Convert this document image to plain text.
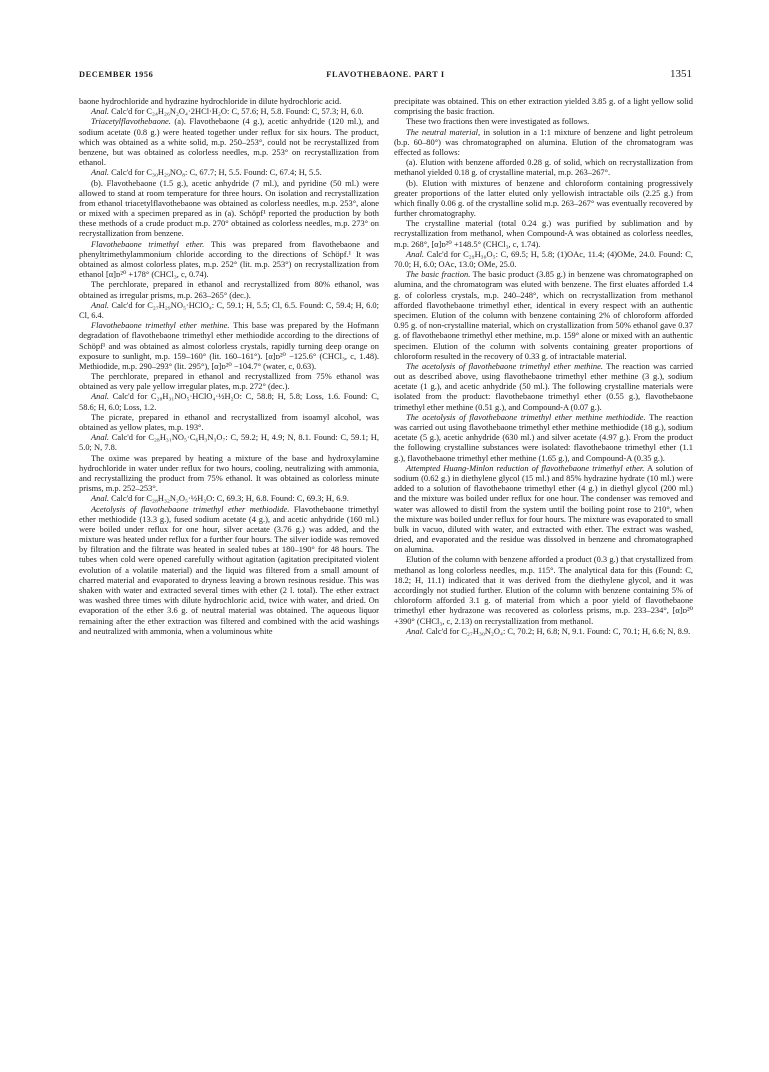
DECEMBER 1956	FLAVOTHEBAONE. PART I	1351

baone hydrochloride and hydrazine hydrochloride in dilute hydrochloric acid.

Anal. Calc'd for C₂₄H₂₆N₂O₄·2HCl·H₂O: C, 57.6; H, 5.8. Found: C, 57.3; H, 6.0.

Triacetylflavothebaone. (a). Flavothebaone (4 g.), acetic anhydride (120 ml.), and sodium acetate (0.8 g.) were heated together under reflux for six hours. The product, which was obtained as a white solid, m.p. 250–253°, could not be recrystallized from benzene, but was obtained as colorless needles, m.p. 253° on recrystallization from ethanol.

Anal. Calc'd for C₃₀H₂₉NO₈: C, 67.7; H, 5.5. Found: C, 67.4; H, 5.5.

(b). Flavothebaone (1.5 g.), acetic anhydride (7 ml.), and pyridine (50 ml.) were allowed to stand at room temperature for three hours. On isolation and recrystallization from ethanol triacetylflavothebaone was obtained as colorless needles, m.p. 253°, alone or mixed with a specimen prepared as in (a). Schöpf¹ reported the production by both these methods of a crude product m.p. 270° obtained as colorless needles, m.p. 273° on recrystallization from benzene.

Flavothebaone trimethyl ether. This was prepared from flavothebaone and phenyltrimethylammonium chloride according to the directions of Schöpf.¹ It was obtained as almost colorless plates, m.p. 252° (lit. m.p. 253°) on recrystallization from ethanol [α]ᴅ²⁰ +178° (CHCl₃, c, 0.74).

The perchlorate, prepared in ethanol and recrystallized from 80% ethanol, was obtained as irregular prisms, m.p. 263–265° (dec.).

Anal. Calc'd for C₂₇H₂₉NO₅·HClO₄: C, 59.1; H, 5.5; Cl, 6.5. Found: C, 59.4; H, 6.0; Cl, 6.4.

Flavothebaone trimethyl ether methine. This base was prepared by the Hofmann degradation of flavothebaone trimethyl ether methiodide according to the directions of Schöpf¹ and was obtained as almost colorless crystals, rapidly turning deep orange on exposure to sunlight, m.p. 159–160° (lit. 160–161°). [α]ᴅ²⁰ −125.6° (CHCl₃, c, 1.48). Methiodide, m.p. 290–293° (lit. 295°), [α]ᴅ²⁰ −104.7° (water, c, 0.63).

The perchlorate, prepared in ethanol and recrystallized from 75% ethanol was obtained as very pale yellow irregular plates, m.p. 272° (dec.).

Anal. Calc'd for C₂₈H₃₁NO₅·HClO₄·½H₂O: C, 58.8; H, 5.8; Loss, 1.6. Found: C, 58.6; H, 6.0; Loss, 1.2.

The picrate, prepared in ethanol and recrystallized from isoamyl alcohol, was obtained as yellow plates, m.p. 193°.

Anal. Calc'd for C₂₈H₃₁NO₅·C₆H₃N₃O₇: C, 59.2; H, 4.9; N, 8.1. Found: C, 59.1; H, 5.0; N, 7.8.

The oxime was prepared by heating a mixture of the base and hydroxylamine hydrochloride in water under reflux for two hours, cooling, neutralizing with ammonia, and recrystallizing the product from 75% ethanol. It was obtained as colorless minute prisms, m.p. 252–253°.

Anal. Calc'd for C₂₈H₃₂N₂O₅·½H₂O: C, 69.3; H, 6.8. Found: C, 69.3; H, 6.9.

Acetolysis of flavothebaone trimethyl ether methiodide. Flavothebaone trimethyl ether methiodide (13.3 g.), fused sodium acetate (4 g.), and acetic anhydride (160 ml.) were boiled under reflux for one hour, silver acetate (3.76 g.) was added, and the mixture was heated under reflux for a further four hours. The silver iodide was removed by filtration and the filtrate was heated in sealed tubes at 180–190° for 48 hours. The tubes when cold were opened carefully without agitation (agitation precipitated violent evolution of a volatile material) and the liquid was filtered from a small amount of charred material and evaporated to dryness leaving a brown resinous residue. This was shaken with water and extracted several times with ether (2 l. total). The ether extract was washed three times with dilute hydrochloric acid, twice with water, and dried. On evaporation of the ether 3.6 g. of neutral material was obtained. The aqueous liquor remaining after the ether extraction was filtered and combined with the acid washings and neutralized with ammonia, when a voluminous white

precipitate was obtained. This on ether extraction yielded 3.85 g. of a light yellow solid comprising the basic fraction.

These two fractions then were investigated as follows.

The neutral material, in solution in a 1:1 mixture of benzene and light petroleum (b.p. 60–80°) was chromatographed on alumina. Elution of the chromatogram was effected as follows:

(a). Elution with benzene afforded 0.28 g. of solid, which on recrystallization from methanol yielded 0.18 g. of crystalline material, m.p. 263–267°.

(b). Elution with mixtures of benzene and chloroform containing progressively greater proportions of the latter eluted only yellowish intractable oils (2.25 g.) from which finally 0.06 g. of the crystalline solid m.p. 263–267° was eventually recovered by further chromatography.

The crystalline material (total 0.24 g.) was purified by sublimation and by recrystallization from methanol, when Compound-A was obtained as colorless needles, m.p. 268°, [α]ᴅ²⁰ +148.5° (CHCl₃, c, 1.74).

Anal. Calc'd for C₂₉H₃₀O₅: C, 69.5; H, 5.8; (1)OAc, 11.4; (4)OMe, 24.0. Found: C, 70.0; H, 6.0; OAc, 13.0; OMe, 25.0.

The basic fraction. The basic product (3.85 g.) in benzene was chromatographed on alumina, and the chromatogram was eluted with benzene. The first eluates afforded 1.4 g. of colorless crystals, m.p. 240–248°, which on recrystallization from methanol afforded flavothebaone trimethyl ether, identical in every respect with an authentic specimen. Elution of the column with benzene containing 2% of chloroform afforded 0.95 g. of non-crystalline material, which on crystallization from 50% ethanol gave 0.37 g. of flavothebaone trimethyl ether methine, m.p. 159° alone or mixed with an authentic specimen. Elution of the column with solvents containing greater proportions of chloroform resulted in the recovery of 0.33 g. of intractable material.

The acetolysis of flavothebaone trimethyl ether methine. The reaction was carried out as described above, using flavothebaone trimethyl ether methine (3 g.), sodium acetate (1 g.), and acetic anhydride (50 ml.). The following crystalline materials were isolated from the product: flavothebaone trimethyl ether (0.55 g.), flavothebaone trimethyl ether methine (0.51 g.), and Compound-A (0.07 g.).

The acetolysis of flavothebaone trimethyl ether methine methiodide. The reaction was carried out using flavothebaone trimethyl ether methine methiodide (18 g.), sodium acetate (5 g.), acetic anhydride (630 ml.) and silver acetate (4.97 g.). From the product the following crystalline substances were isolated: flavothebaone trimethyl ether (1.1 g.), flavothebaone trimethyl ether methine (1.65 g.), and Compound-A (0.35 g.).

Attempted Huang-Minlon reduction of flavothebaone trimethyl ether. A solution of sodium (0.62 g.) in diethylene glycol (15 ml.) and 85% hydrazine hydrate (10 ml.) were added to a solution of flavothebaone trimethyl ether (4 g.) in diethyl glycol (200 ml.) and the mixture was boiled under reflux for one hour. The condenser was removed and water was allowed to distil from the system until the boiling point rose to 210°, when the mixture was boiled under reflux for four hours. The mixture was evaporated to small bulk in vacuo, diluted with water, and extracted with ether. The extract was washed, dried, and evaporated and the residue was dissolved in benzene and chromatographed on alumina.

Elution of the column with benzene afforded a product (0.3 g.) that crystallized from methanol as long colorless needles, m.p. 115°. The analytical data for this (Found: C, 18.2; H, 11.1) indicated that it was derived from the diethylene glycol, and it was accordingly not studied further. Elution of the column with benzene containing 5% of chloroform afforded 3.1 g. of material from which a poor yield of flavothebaone trimethyl ether hydrazone was recovered as colorless prisms, m.p. 233–234°, [α]ᴅ²⁰ +390° (CHCl₃, c, 2.13) on recrystallization from methanol.

Anal. Calc'd for C₂₇H₃₀N₂O₄: C, 70.2; H, 6.8; N, 9.1. Found: C, 70.1; H, 6.6; N, 8.9.
